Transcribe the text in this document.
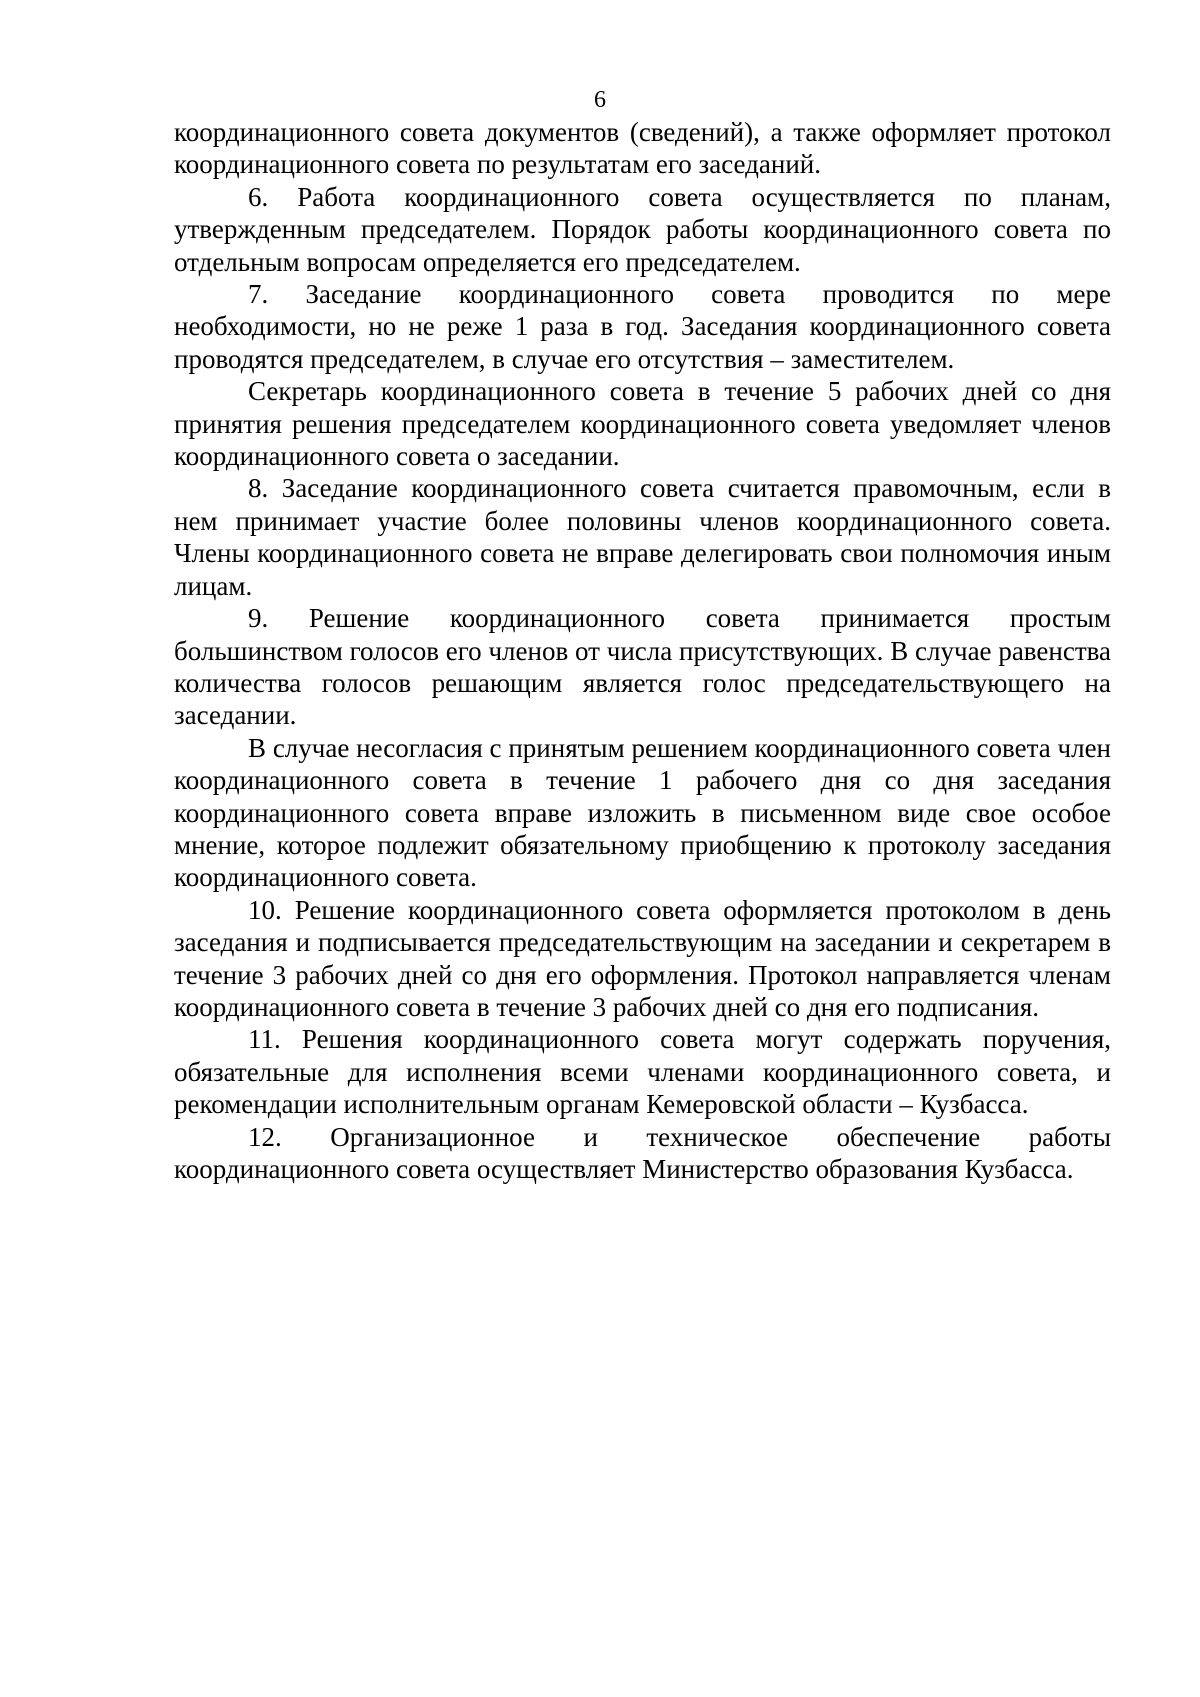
6

координационного совета документов (сведений), а также оформляет протокол координационного совета по результатам его заседаний.

6. Работа координационного совета осуществляется по планам, утвержденным председателем. Порядок работы координационного совета по отдельным вопросам определяется его председателем.

7. Заседание координационного совета проводится по мере необходимости, но не реже 1 раза в год. Заседания координационного совета проводятся председателем, в случае его отсутствия – заместителем.

Секретарь координационного совета в течение 5 рабочих дней со дня принятия решения председателем координационного совета уведомляет членов координационного совета о заседании.

8. Заседание координационного совета считается правомочным, если в нем принимает участие более половины членов координационного совета. Члены координационного совета не вправе делегировать свои полномочия иным лицам.

9. Решение координационного совета принимается простым большинством голосов его членов от числа присутствующих. В случае равенства количества голосов решающим является голос председательствующего на заседании.

В случае несогласия с принятым решением координационного совета член координационного совета в течение 1 рабочего дня со дня заседания координационного совета вправе изложить в письменном виде свое особое мнение, которое подлежит обязательному приобщению к протоколу заседания координационного совета.

10. Решение координационного совета оформляется протоколом в день заседания и подписывается председательствующим на заседании и секретарем в течение 3 рабочих дней со дня его оформления. Протокол направляется членам координационного совета в течение 3 рабочих дней со дня его подписания.

11. Решения координационного совета могут содержать поручения, обязательные для исполнения всеми членами координационного совета, и рекомендации исполнительным органам Кемеровской области – Кузбасса.

12. Организационное и техническое обеспечение работы координационного совета осуществляет Министерство образования Кузбасса.
